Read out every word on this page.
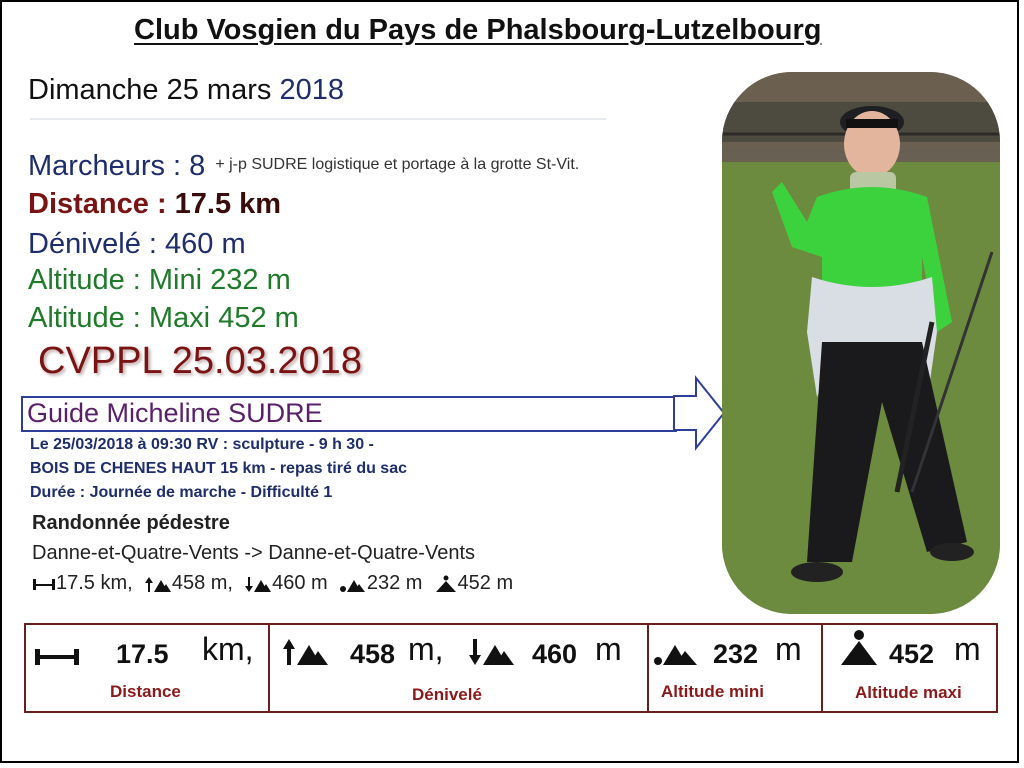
Club Vosgien du Pays de Phalsbourg-Lutzelbourg
Dimanche 25 mars 2018
Marcheurs : 8 $^{+ j-p SUDRE logistique et portage à la grotte St-Vit.}$
Distance : 17.5 km
Dénivelé : 460 m
Altitude : Mini 232 m
Altitude : Maxi 452 m
CVPPL 25.03.2018
Guide Micheline SUDRE
Le 25/03/2018 à 09:30 RV : sculpture - 9 h 30 -
BOIS DE CHENES HAUT 15 km - repas tiré du sac
Durée : Journée de marche - Difficulté 1
Randonnée pédestre
Danne-et-Quatre-Vents -> Danne-et-Quatre-Vents
17.5 km, 458 m, 460 m 232 m 452 m
17.5 km,
Distance
458 m,	460 m
Dénivelé
232 m
Altitude mini
452 m
Altitude maxi
